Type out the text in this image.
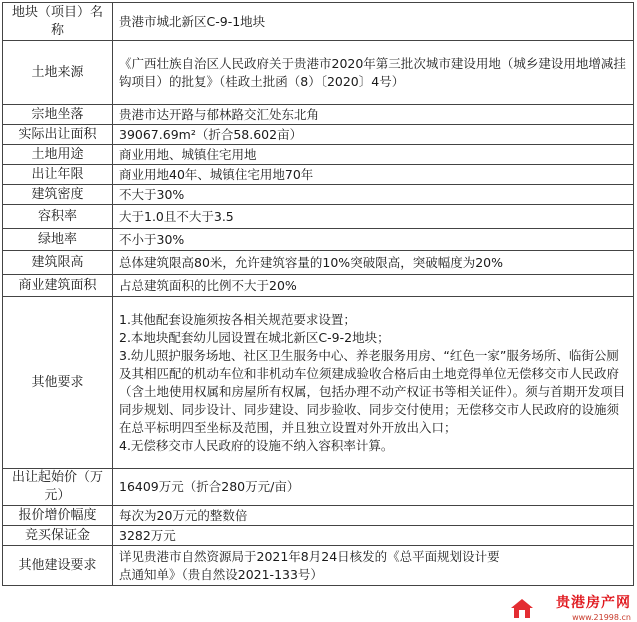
地块（项目）名称	贵港市城北新区C-9-1地块
土地来源	《广西壮族自治区人民政府关于贵港市2020年第三批次城市建设用地（城乡建设用地增减挂钩项目）的批复》（桂政土批函（8）〔2020〕4号）
宗地坐落	贵港市达开路与郁林路交汇处东北角
实际出让面积	39067.69m²（折合58.602亩）
土地用途	商业用地、城镇住宅用地
出让年限	商业用地40年、城镇住宅用地70年
建筑密度	不大于30%
容积率	大于1.0且不大于3.5
绿地率	不小于30%
建筑限高	总体建筑限高80米，允许建筑容量的10%突破限高，突破幅度为20%
商业建筑面积	占总建筑面积的比例不大于20%
其他要求	1.其他配套设施须按各相关规范要求设置；
2.本地块配套幼儿园设置在城北新区C-9-2地块；
3.幼儿照护服务场地、社区卫生服务中心、养老服务用房、“红色一家”服务场所、临街公厕及其相匹配的机动车位和非机动车位须建成验收合格后由土地竞得单位无偿移交市人民政府（含土地使用权属和房屋所有权属，包括办理不动产权证书等相关证件）。须与首期开发项目同步规划、同步设计、同步建设、同步验收、同步交付使用；无偿移交市人民政府的设施须在总平标明四至坐标及范围，并且独立设置对外开放出入口；
4.无偿移交市人民政府的设施不纳入容积率计算。

出让起始价（万元）	16409万元（折合280万元/亩）
报价增价幅度	每次为20万元的整数倍
竞买保证金	3282万元
其他建设要求	详见贵港市自然资源局于2021年8月24日核发的《总平面规划设计要点通知单》（贵自然设2021-133号）
贵港房产网
www.21998.cn
